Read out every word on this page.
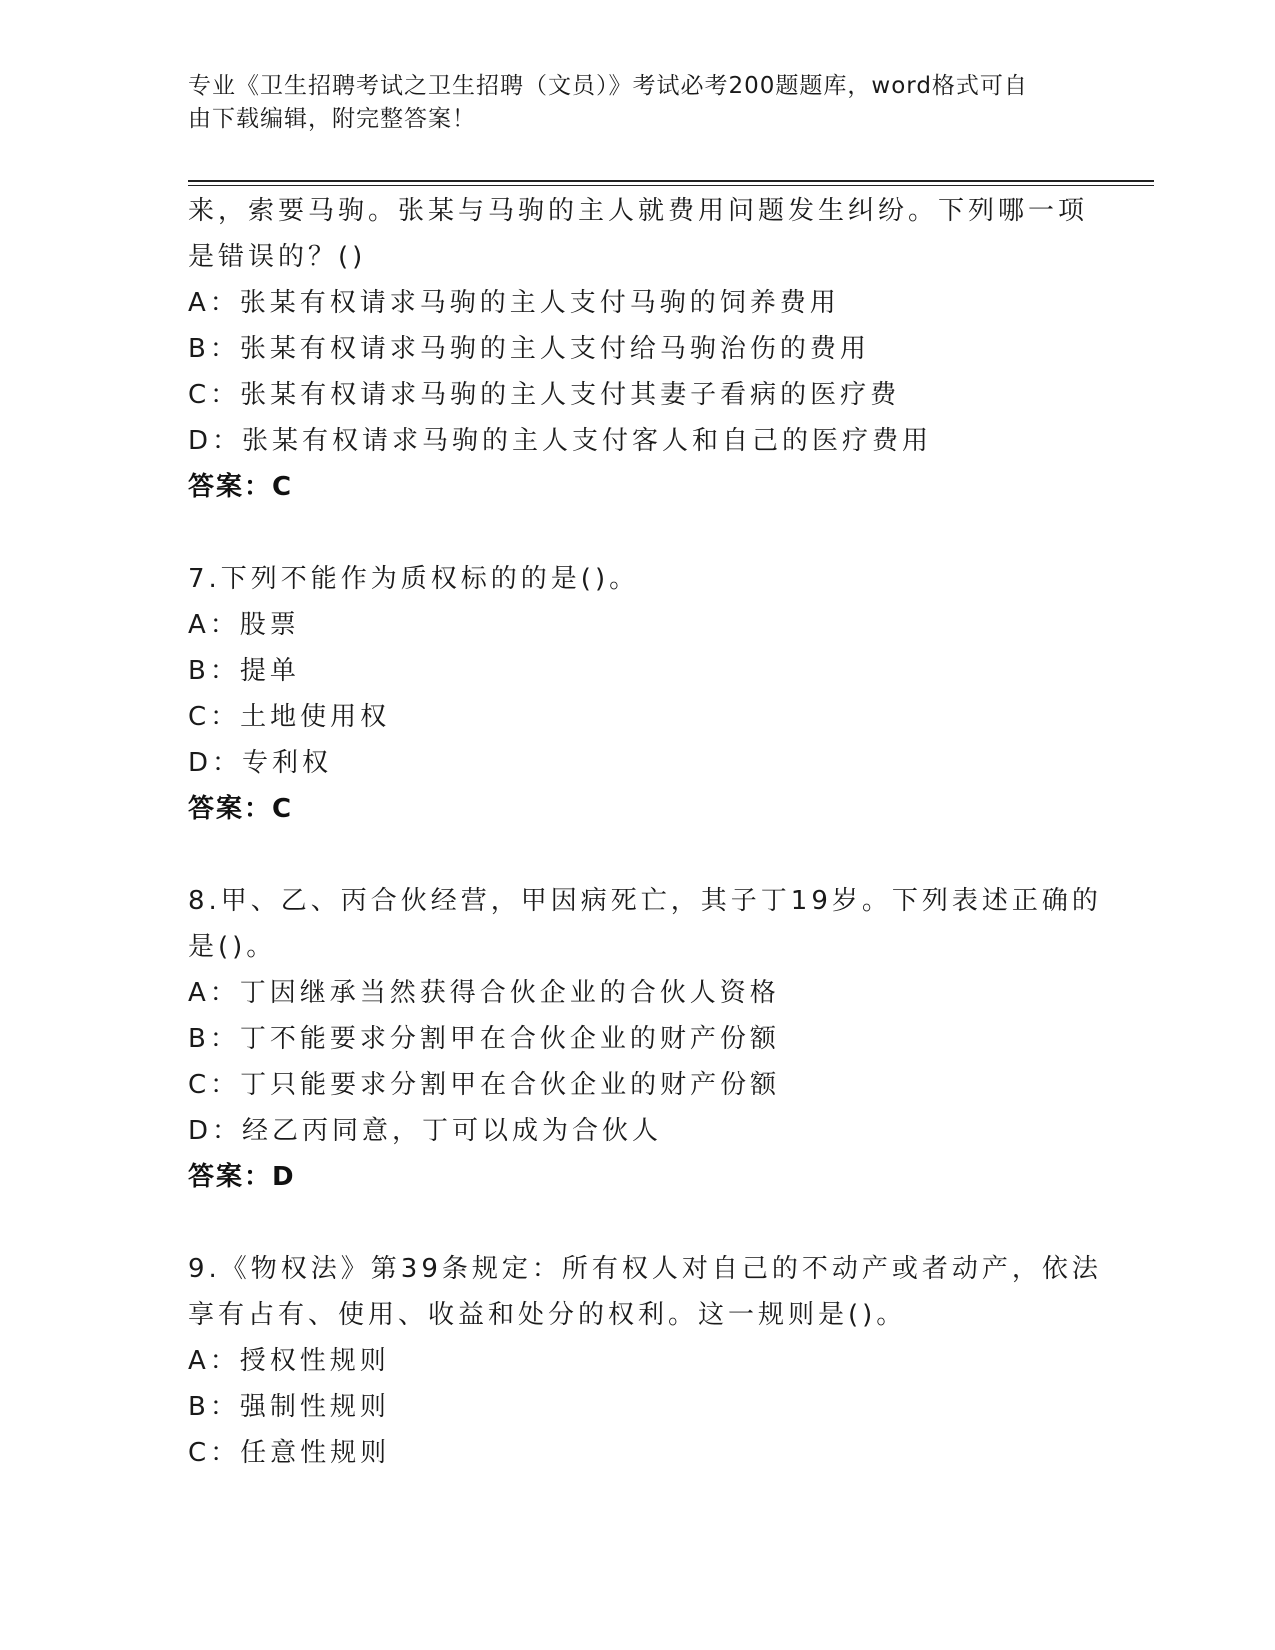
专业《卫生招聘考试之卫生招聘（文员）》考试必考200题题库，word格式可自
由下载编辑，附完整答案！
来，索要马驹。张某与马驹的主人就费用问题发生纠纷。下列哪一项
是错误的？()
A：张某有权请求马驹的主人支付马驹的饲养费用
B：张某有权请求马驹的主人支付给马驹治伤的费用
C：张某有权请求马驹的主人支付其妻子看病的医疗费
D：张某有权请求马驹的主人支付客人和自己的医疗费用
答案：C
7.下列不能作为质权标的的是()。
A：股票
B：提单
C：土地使用权
D：专利权
答案：C
8.甲、乙、丙合伙经营，甲因病死亡，其子丁19岁。下列表述正确的
是()。
A：丁因继承当然获得合伙企业的合伙人资格
B：丁不能要求分割甲在合伙企业的财产份额
C：丁只能要求分割甲在合伙企业的财产份额
D：经乙丙同意，丁可以成为合伙人
答案：D
9.《物权法》第39条规定：所有权人对自己的不动产或者动产，依法
享有占有、使用、收益和处分的权利。这一规则是()。
A：授权性规则
B：强制性规则
C：任意性规则
